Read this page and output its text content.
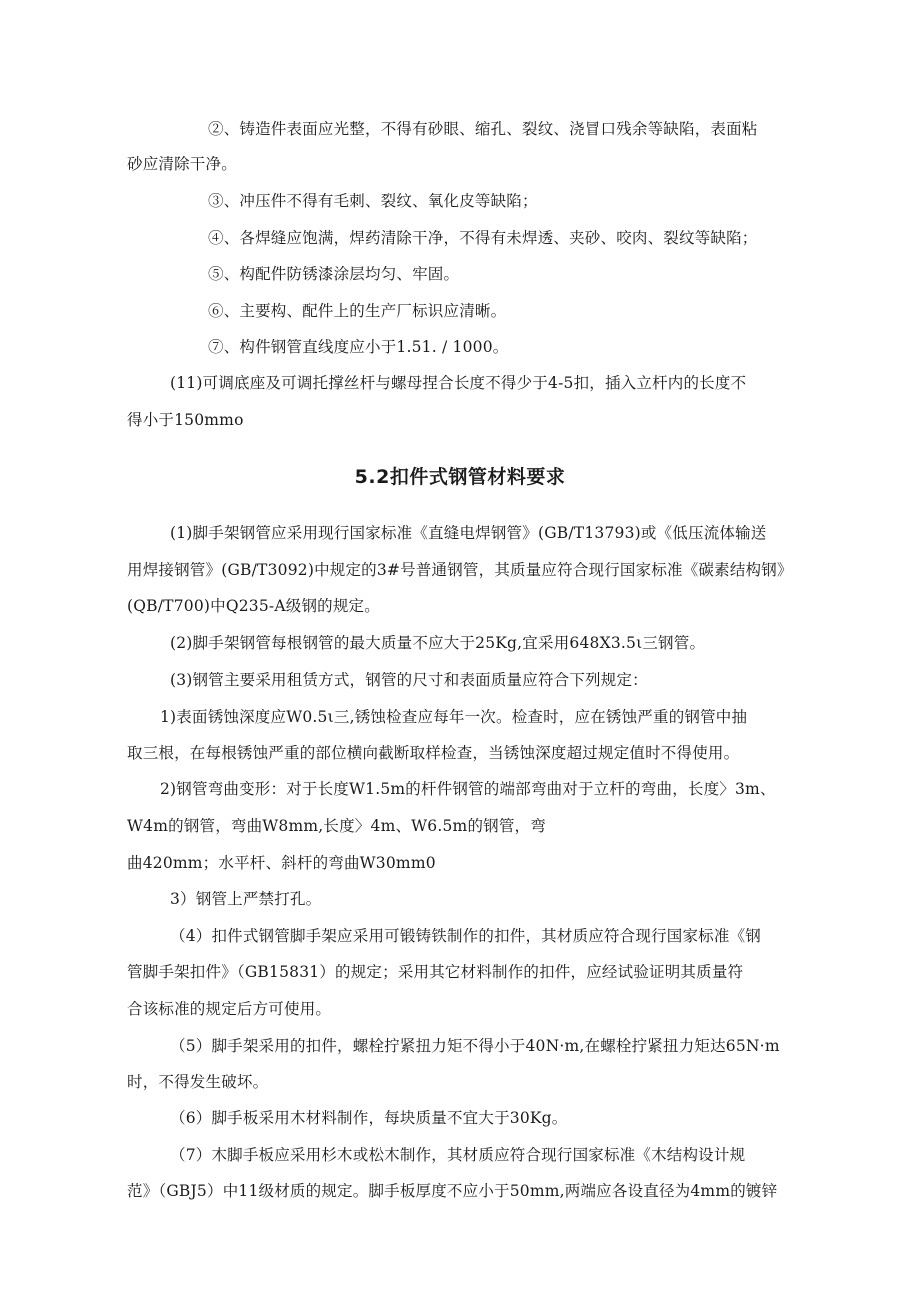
②、铸造件表面应光整，不得有砂眼、缩孔、裂纹、浇冒口残余等缺陷，表面粘
砂应清除干净。
③、冲压件不得有毛刺、裂纹、氧化皮等缺陷；
④、各焊缝应饱满，焊药清除干净，不得有未焊透、夹砂、咬肉、裂纹等缺陷；
⑤、构配件防锈漆涂层均匀、牢固。
⑥、主要构、配件上的生产厂标识应清晰。
⑦、构件钢管直线度应小于1.51. / 1000。
(11)可调底座及可调托撑丝杆与螺母捏合长度不得少于4-5扣，插入立杆内的长度不
得小于150mmo
5.2扣件式钢管材料要求
(1)脚手架钢管应采用现行国家标准《直缝电焊钢管》(GB/T13793)或《低压流体输送
用焊接钢管》(GB/T3092)中规定的3#号普通钢管，其质量应符合现行国家标准《碳素结构钢》
(QB/T700)中Q235-A级钢的规定。
(2)脚手架钢管每根钢管的最大质量不应大于25Kg,宜采用648X3.5ι三钢管。
(3)钢管主要采用租赁方式，钢管的尺寸和表面质量应符合下列规定：
1)表面锈蚀深度应W0.5ι三,锈蚀检查应每年一次。检查时，应在锈蚀严重的钢管中抽
取三根，在每根锈蚀严重的部位横向截断取样检查，当锈蚀深度超过规定值时不得使用。
2)钢管弯曲变形：对于长度W1.5m的杆件钢管的端部弯曲对于立杆的弯曲，长度〉3m、
W4m的钢管，弯曲W8mm,长度〉4m、W6.5m的钢管，弯
曲420mm；水平杆、斜杆的弯曲W30mm0
3）钢管上严禁打孔。
（4）扣件式钢管脚手架应采用可锻铸铁制作的扣件，其材质应符合现行国家标准《钢
管脚手架扣件》（GB15831）的规定；采用其它材料制作的扣件，应经试验证明其质量符
合该标准的规定后方可使用。
（5）脚手架采用的扣件，螺栓拧紧扭力矩不得小于40N·m,在螺栓拧紧扭力矩达65N·m
时，不得发生破坏。
（6）脚手板采用木材料制作，每块质量不宜大于30Kg。
（7）木脚手板应采用杉木或松木制作，其材质应符合现行国家标准《木结构设计规
范》（GBJ5）中11级材质的规定。脚手板厚度不应小于50mm,两端应各设直径为4mm的镀锌
